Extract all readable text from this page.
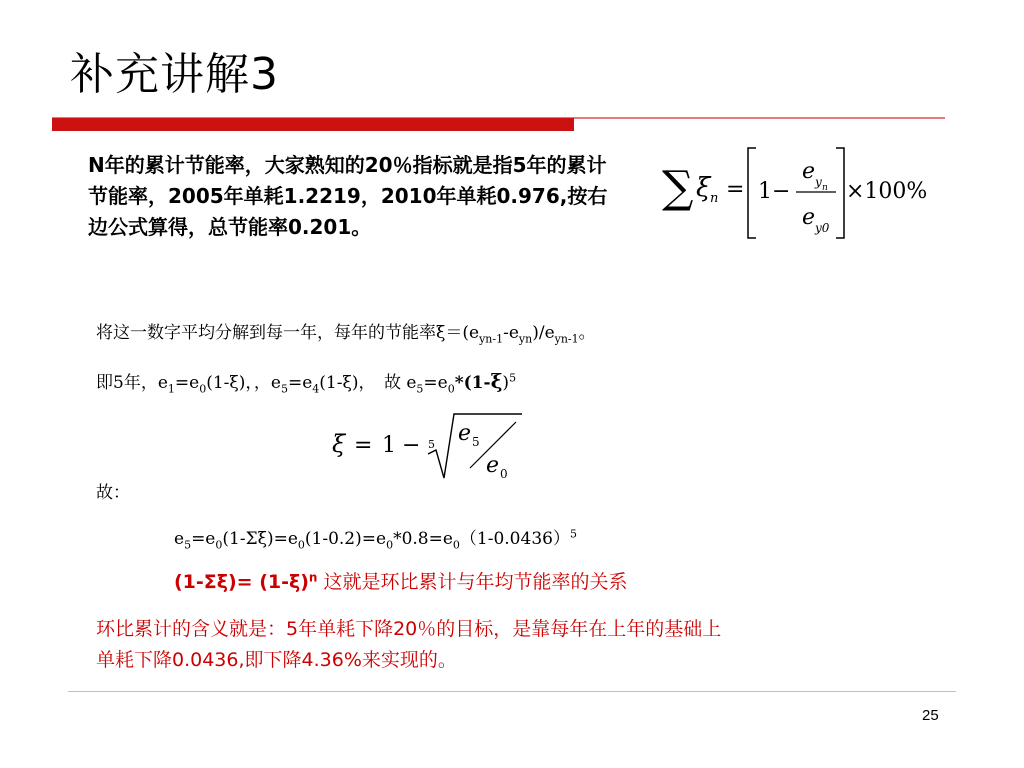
补充讲解3
N年的累计节能率，大家熟知的20％指标就是指5年的累计节能率，2005年单耗1.2219，2010年单耗0.976,按右边公式算得，总节能率0.201。
∑ ξ n = 1−
e y n
e y0
×100%
将这一数字平均分解到每一年，每年的节能率$\xi=(e_{yn-1}-e_{yn})/e_{yn-1}$。
即5年，$e_1=e_0(1-\xi)$，，$e_5=e_4(1-\xi)$，　故 $e_5=e_0*(1-\xi)^5$
ξ = 1 − 5 e 5
e 0
故：
$e_5=e_0(1-\Sigma\xi)=e_0(1-0.2)=e_0*0.8=e_0(1-0.0436)^5$
$(1-\Sigma\xi)= (1-\xi)^n$ 这就是环比累计与年均节能率的关系
环比累计的含义就是：5年单耗下降20％的目标，是靠每年在上年的基础上
单耗下降0.0436,即下降4.36%来实现的。
25
